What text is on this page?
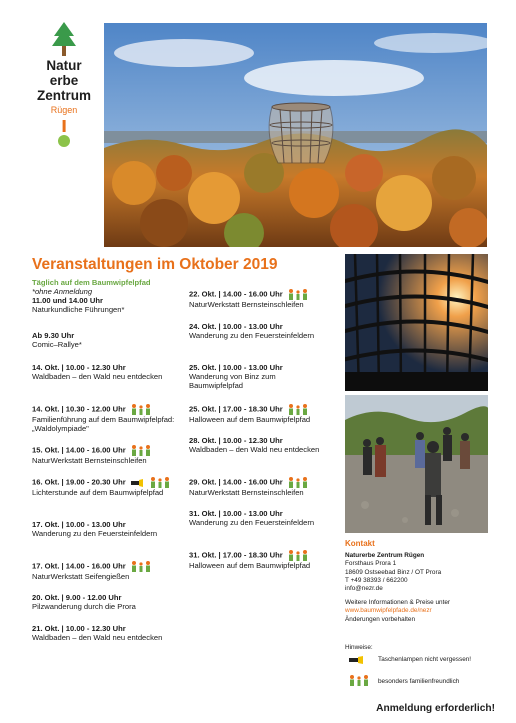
Natur
erbe
Zentrum
Rügen
Veranstaltungen im Oktober 2019
Täglich auf dem Baumwipfelpfad
*ohne Anmeldung
11.00 und 14.00 Uhr
Naturkundliche Führungen*
Ab 9.30 Uhr
Comic–Rallye*
14. Okt. | 10.00 - 12.30 Uhr
Waldbaden – den Wald neu entdecken
14. Okt. | 10.30 - 12.00 Uhr
Familienführung auf dem Baumwipfelpfad: „Waldolympiade"
15. Okt. | 14.00 - 16.00 Uhr
NaturWerkstatt Bernsteinschleifen
16. Okt. | 19.00 - 20.30 Uhr
Lichterstunde auf dem Baumwipfelpfad
17. Okt. | 10.00 - 13.00 Uhr
Wanderung zu den Feuersteinfeldern
17. Okt. | 14.00 - 16.00 Uhr
NaturWerkstatt Seifengießen
20. Okt. | 9.00 - 12.00 Uhr
Pilzwanderung durch die Prora
21. Okt. | 10.00 - 12.30 Uhr
Waldbaden – den Wald neu entdecken
22. Okt. | 14.00 - 16.00 Uhr
NaturWerkstatt Bernsteinschleifen
24. Okt. | 10.00 - 13.00 Uhr
Wanderung zu den Feuersteinfeldern
25. Okt. | 10.00 - 13.00 Uhr
Wanderung von Binz zum Baumwipfelpfad
25. Okt. | 17.00 - 18.30 Uhr
Halloween auf dem Baumwipfelpfad
28. Okt. | 10.00 - 12.30 Uhr
Waldbaden – den Wald neu entdecken
29. Okt. | 14.00 - 16.00 Uhr
NaturWerkstatt Bernsteinschleifen
31. Okt. | 10.00 - 13.00 Uhr
Wanderung zu den Feuersteinfeldern
31. Okt. | 17.00 - 18.30 Uhr
Halloween auf dem Baumwipfelpfad
Kontakt
Naturerbe Zentrum Rügen
Forsthaus Prora 1
18609 Ostseebad Binz / OT Prora
T +49 38393 / 662200
info@nezr.de
Weitere Informationen & Preise unter
www.baumwipfelpfade.de/nezr
Änderungen vorbehalten
Hinweise:
Taschenlampen nicht vergessen!
besonders familienfreundlich
Anmeldung erforderlich!
